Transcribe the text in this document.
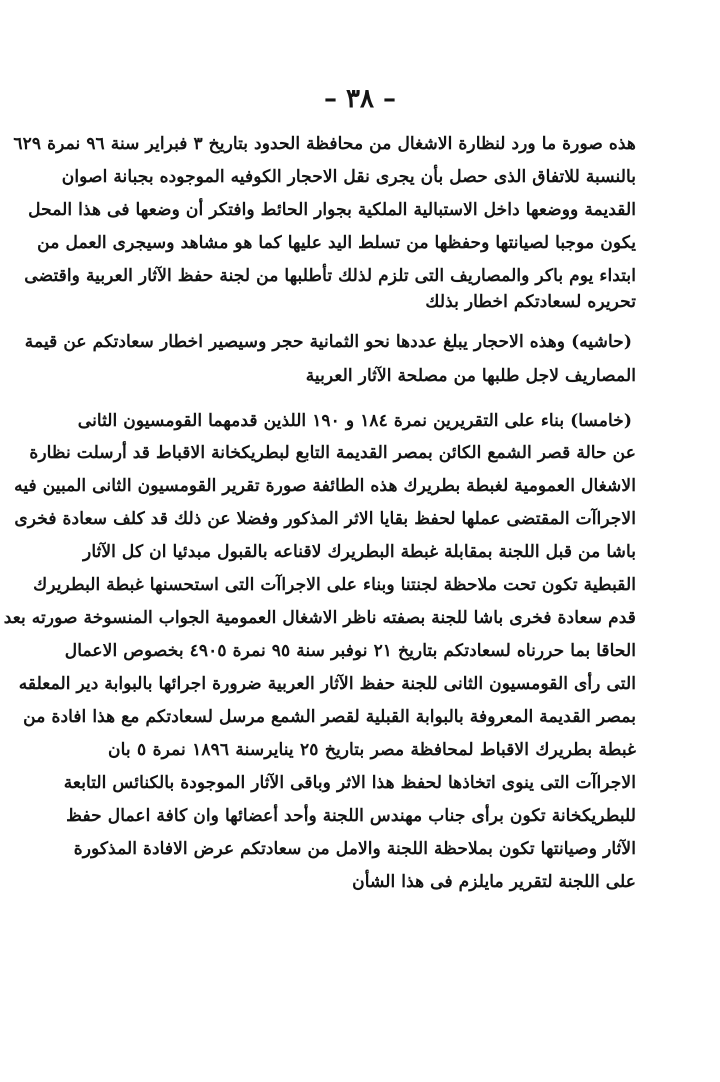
– ٣٨ –
هذه صورة ما ورد لنظارة الاشغال من محافظة الحدود بتاريخ ٣ فبراير سنة ٩٦ نمرة ٦٢٩
بالنسبة للاتفاق الذى حصل بأن يجرى نقل الاحجار الكوفيه الموجوده بجبانة اصوان
القديمة ووضعها داخل الاستبالية الملكية بجوار الحائط وافتكر أن وضعها فى هذا المحل
يكون موجبا لصيانتها وحفظها من تسلط اليد عليها كما هو مشاهد وسيجرى العمل من
ابتداء يوم باكر والمصاريف التى تلزم لذلك تأطلبها من لجنة حفظ الآثار العربية واقتضى
تحريره لسعادتكم اخطار بذلك
(حاشيه) وهذه الاحجار يبلغ عددها نحو الثمانية حجر وسيصير اخطار سعادتكم عن قيمة
المصاريف لاجل طلبها من مصلحة الآثار العربية
(خامسا) بناء على التقريرين نمرة ١٨٤ و ١٩٠ اللذين قدمهما القومسيون الثانى
عن حالة قصر الشمع الكائن بمصر القديمة التابع لبطريكخانة الاقباط قد أرسلت نظارة
الاشغال العمومية لغبطة بطريرك هذه الطائفة صورة تقرير القومسيون الثانى المبين فيه
الاجراآت المقتضى عملها لحفظ بقايا الاثر المذكور وفضلا عن ذلك قد كلف سعادة فخرى
باشا من قبل اللجنة بمقابلة غبطة البطريرك لاقناعه بالقبول مبدئيا ان كل الآثار
القبطية تكون تحت ملاحظة لجنتنا وبناء على الاجراآت التى استحسنها غبطة البطريرك
قدم سعادة فخرى باشا للجنة بصفته ناظر الاشغال العمومية الجواب المنسوخة صورته بعد
الحاقا بما حررناه لسعادتكم بتاريخ ٢١ نوفبر سنة ٩٥ نمرة ٤٩٠٥ بخصوص الاعمال
التى رأى القومسيون الثانى للجنة حفظ الآثار العربية ضرورة اجرائها بالبوابة دير المعلقه
بمصر القديمة المعروفة بالبوابة القبلية لقصر الشمع مرسل لسعادتكم مع هذا افادة من
غبطة بطريرك الاقباط لمحافظة مصر بتاريخ ٢٥ ينايرسنة ١٨٩٦ نمرة ٥ بان
الاجراآت التى ينوى اتخاذها لحفظ هذا الاثر وباقى الآثار الموجودة بالكنائس التابعة
للبطريكخانة تكون برأى جناب مهندس اللجنة وأحد أعضائها وان كافة اعمال حفظ
الآثار وصيانتها تكون بملاحظة اللجنة والامل من سعادتكم عرض الافادة المذكورة
على اللجنة لتقرير مايلزم فى هذا الشأن
